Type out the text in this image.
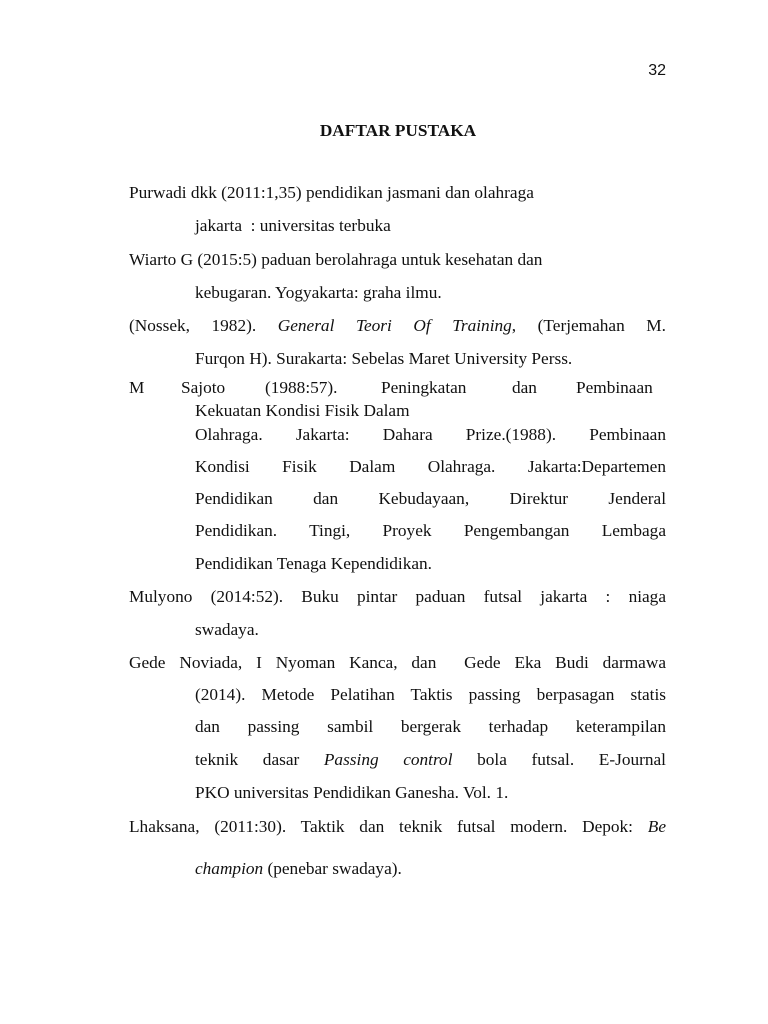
32
DAFTAR PUSTAKA
Purwadi dkk (2011:1,35) pendidikan jasmani dan olahraga
jakarta  : universitas terbuka
Wiarto G (2015:5) paduan berolahraga untuk kesehatan dan
kebugaran. Yogyakarta: graha ilmu.
(Nossek, 1982). General Teori Of Training, (Terjemahan M.
Furqon H). Surakarta: Sebelas Maret University Perss.
M Sajoto (1988:57).	Peningkatan	dan Pembinaan
Kekuatan Kondisi Fisik Dalam
Olahraga. Jakarta: Dahara Prize.(1988). Pembinaan
Kondisi Fisik Dalam Olahraga. Jakarta:Departemen
Pendidikan dan Kebudayaan, Direktur Jenderal
Pendidikan. Tingi, Proyek Pengembangan Lembaga
Pendidikan Tenaga Kependidikan.
Mulyono (2014:52). Buku pintar paduan futsal jakarta : niaga
swadaya.
Gede Noviada, I Nyoman Kanca, dan  Gede Eka Budi darmawa
(2014). Metode Pelatihan Taktis passing berpasagan statis
dan passing sambil bergerak terhadap keterampilan
teknik dasar Passing control bola futsal. E-Journal
PKO universitas Pendidikan Ganesha. Vol. 1.
Lhaksana, (2011:30). Taktik dan teknik futsal modern. Depok: Be
champion (penebar swadaya).
